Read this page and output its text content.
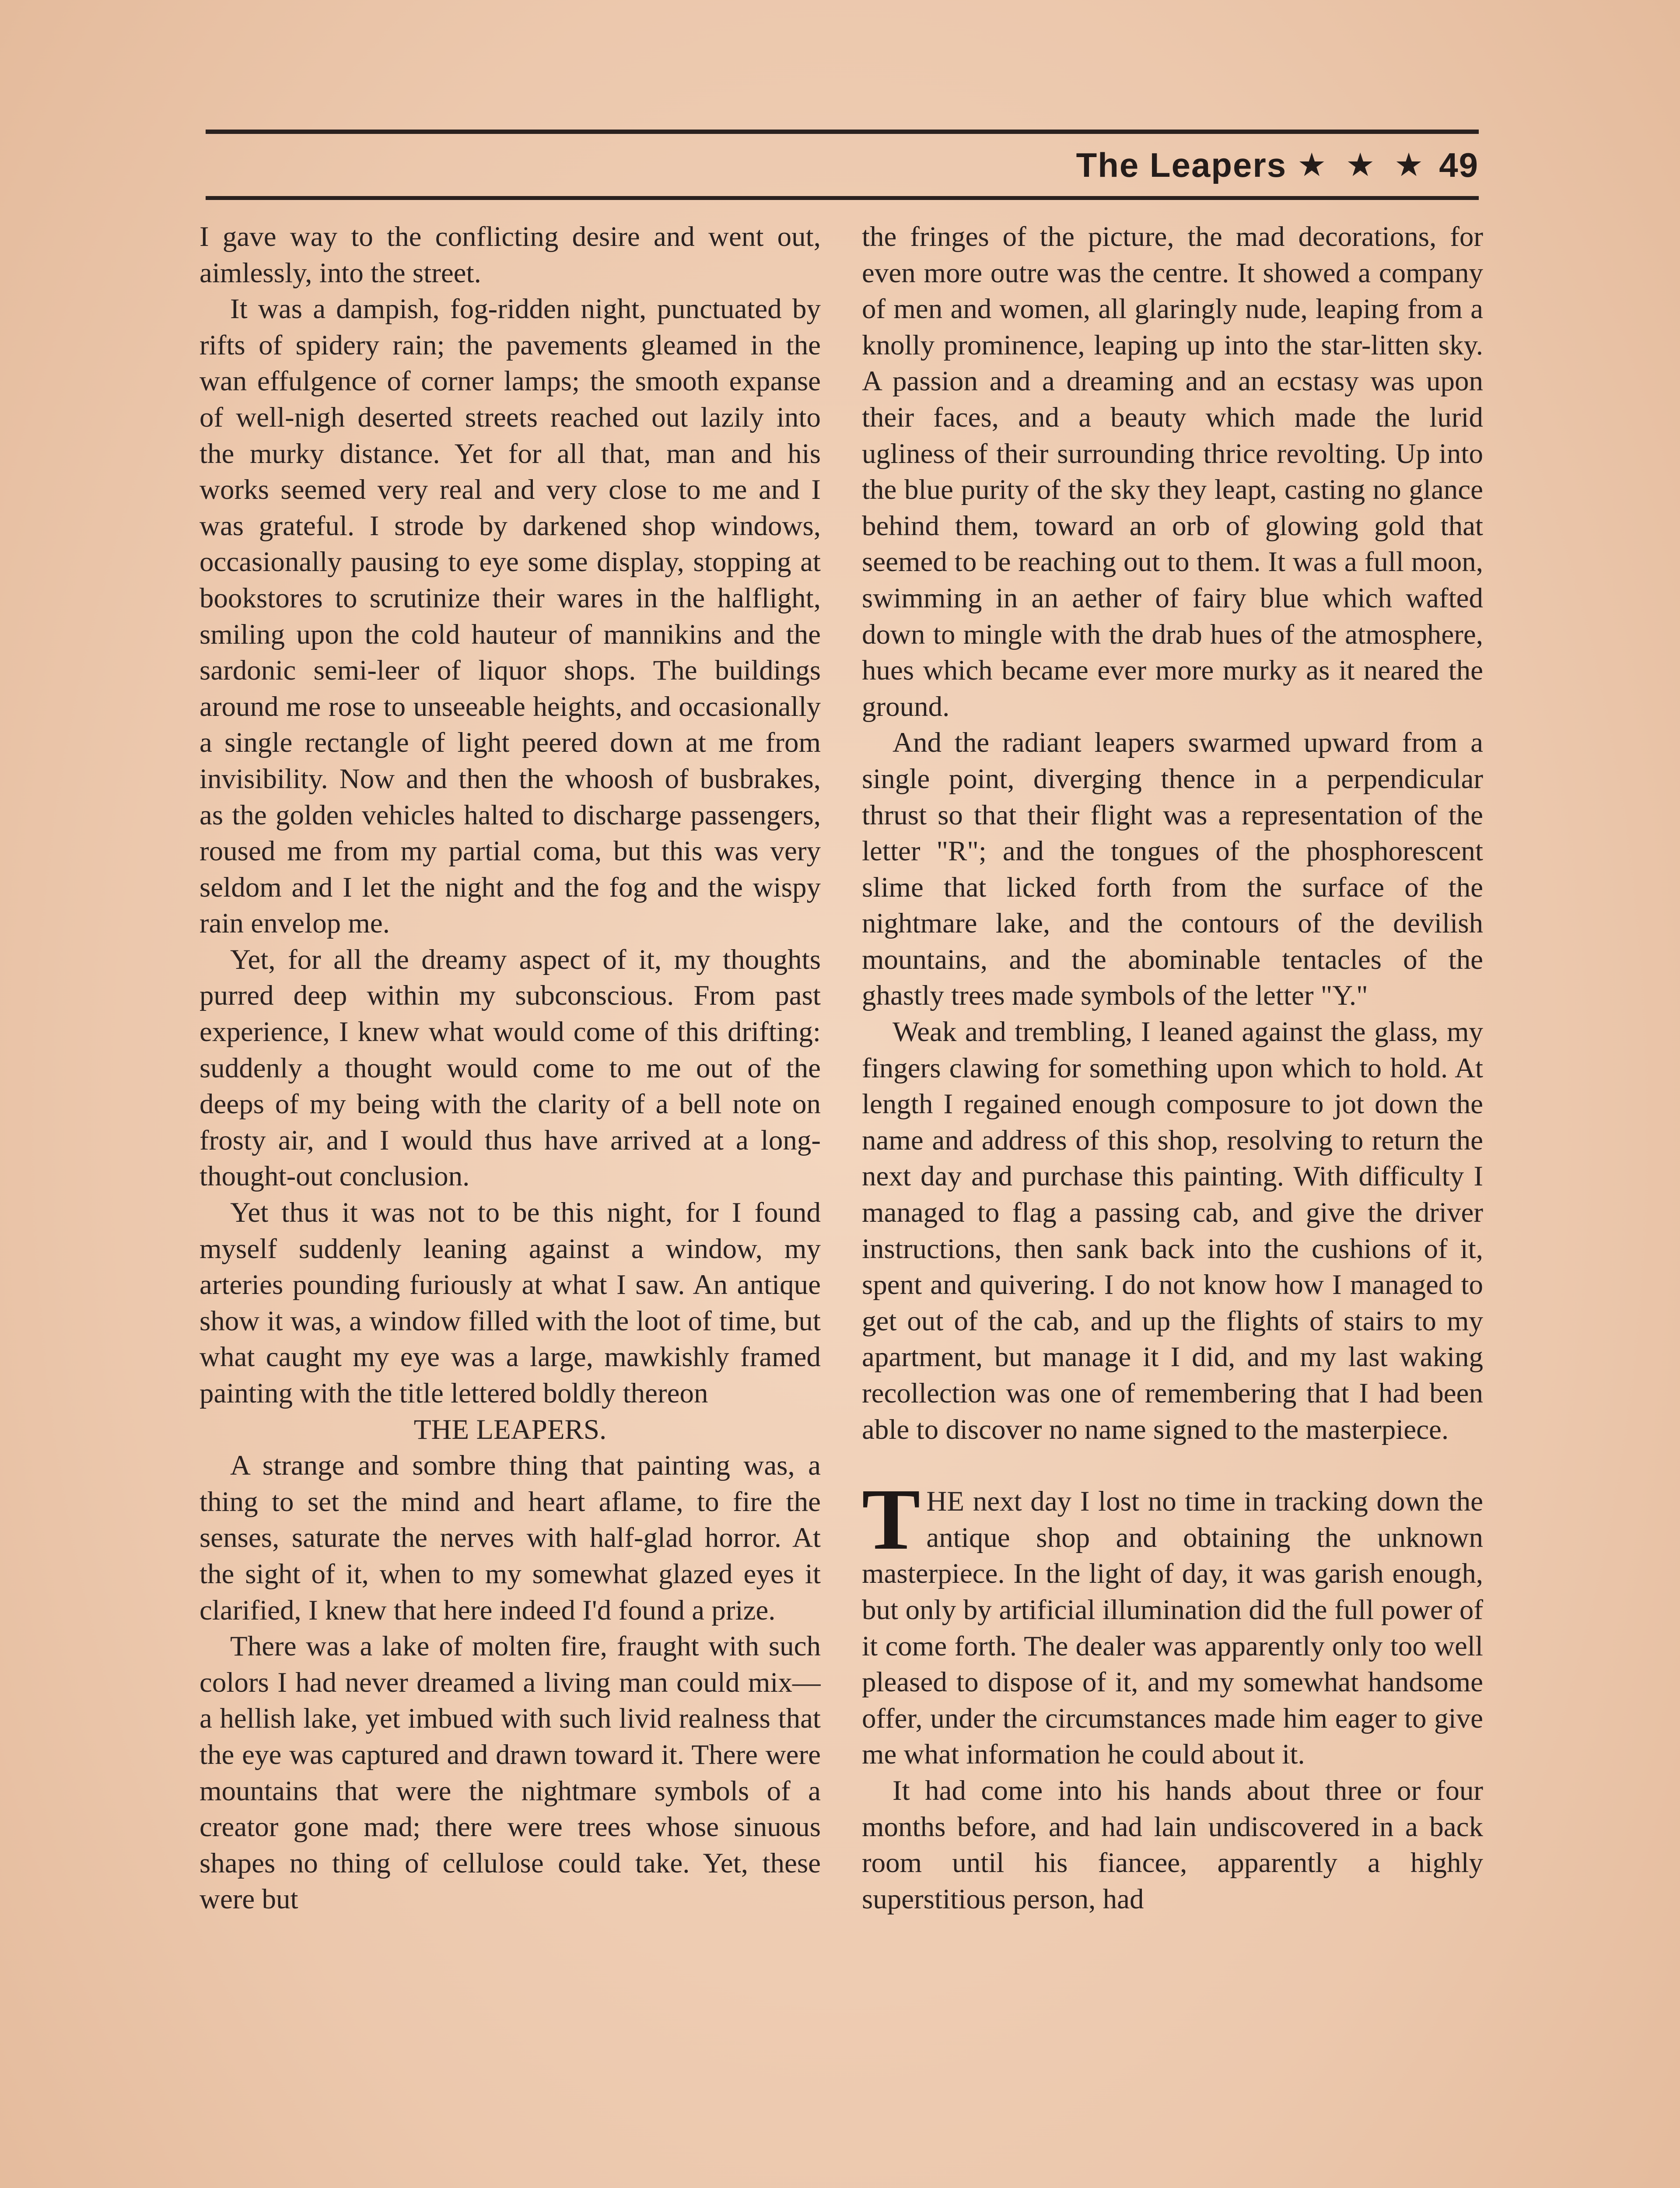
The Leapers ★ ★ ★ 49

I gave way to the conflicting desire and went out, aimlessly, into the street.

It was a dampish, fog-ridden night, punctuated by rifts of spidery rain; the pavements gleamed in the wan effulgence of corner lamps; the smooth expanse of well-nigh deserted streets reached out lazily into the murky distance. Yet for all that, man and his works seemed very real and very close to me and I was grateful. I strode by darkened shop windows, occasionally pausing to eye some display, stopping at bookstores to scrutinize their wares in the halflight, smiling upon the cold hauteur of mannikins and the sardonic semi-leer of liquor shops. The buildings around me rose to unseeable heights, and occasionally a single rectangle of light peered down at me from invisibility. Now and then the whoosh of busbrakes, as the golden vehicles halted to discharge passengers, roused me from my partial coma, but this was very seldom and I let the night and the fog and the wispy rain envelop me.

Yet, for all the dreamy aspect of it, my thoughts purred deep within my subconscious. From past experience, I knew what would come of this drifting: suddenly a thought would come to me out of the deeps of my being with the clarity of a bell note on frosty air, and I would thus have arrived at a long-thought-out conclusion.

Yet thus it was not to be this night, for I found myself suddenly leaning against a window, my arteries pounding furiously at what I saw. An antique show it was, a window filled with the loot of time, but what caught my eye was a large, mawkishly framed painting with the title lettered boldly thereon

THE LEAPERS.

A strange and sombre thing that painting was, a thing to set the mind and heart aflame, to fire the senses, saturate the nerves with half-glad horror. At the sight of it, when to my somewhat glazed eyes it clarified, I knew that here indeed I'd found a prize.

There was a lake of molten fire, fraught with such colors I had never dreamed a living man could mix—a hellish lake, yet imbued with such livid realness that the eye was captured and drawn toward it. There were mountains that were the nightmare symbols of a creator gone mad; there were trees whose sinuous shapes no thing of cellulose could take. Yet, these were but

the fringes of the picture, the mad decorations, for even more outre was the centre. It showed a company of men and women, all glaringly nude, leaping from a knolly prominence, leaping up into the star-litten sky. A passion and a dreaming and an ecstasy was upon their faces, and a beauty which made the lurid ugliness of their surrounding thrice revolting. Up into the blue purity of the sky they leapt, casting no glance behind them, toward an orb of glowing gold that seemed to be reaching out to them. It was a full moon, swimming in an aether of fairy blue which wafted down to mingle with the drab hues of the atmosphere, hues which became ever more murky as it neared the ground.

And the radiant leapers swarmed upward from a single point, diverging thence in a perpendicular thrust so that their flight was a representation of the letter "R"; and the tongues of the phosphorescent slime that licked forth from the surface of the nightmare lake, and the contours of the devilish mountains, and the abominable tentacles of the ghastly trees made symbols of the letter "Y."

Weak and trembling, I leaned against the glass, my fingers clawing for something upon which to hold. At length I regained enough composure to jot down the name and address of this shop, resolving to return the next day and purchase this painting. With difficulty I managed to flag a passing cab, and give the driver instructions, then sank back into the cushions of it, spent and quivering. I do not know how I managed to get out of the cab, and up the flights of stairs to my apartment, but manage it I did, and my last waking recollection was one of remembering that I had been able to discover no name signed to the masterpiece.

THE next day I lost no time in tracking down the antique shop and obtaining the unknown masterpiece. In the light of day, it was garish enough, but only by artificial illumination did the full power of it come forth. The dealer was apparently only too well pleased to dispose of it, and my somewhat handsome offer, under the circumstances made him eager to give me what information he could about it.

It had come into his hands about three or four months before, and had lain undiscovered in a back room until his fiancee, apparently a highly superstitious person, had
